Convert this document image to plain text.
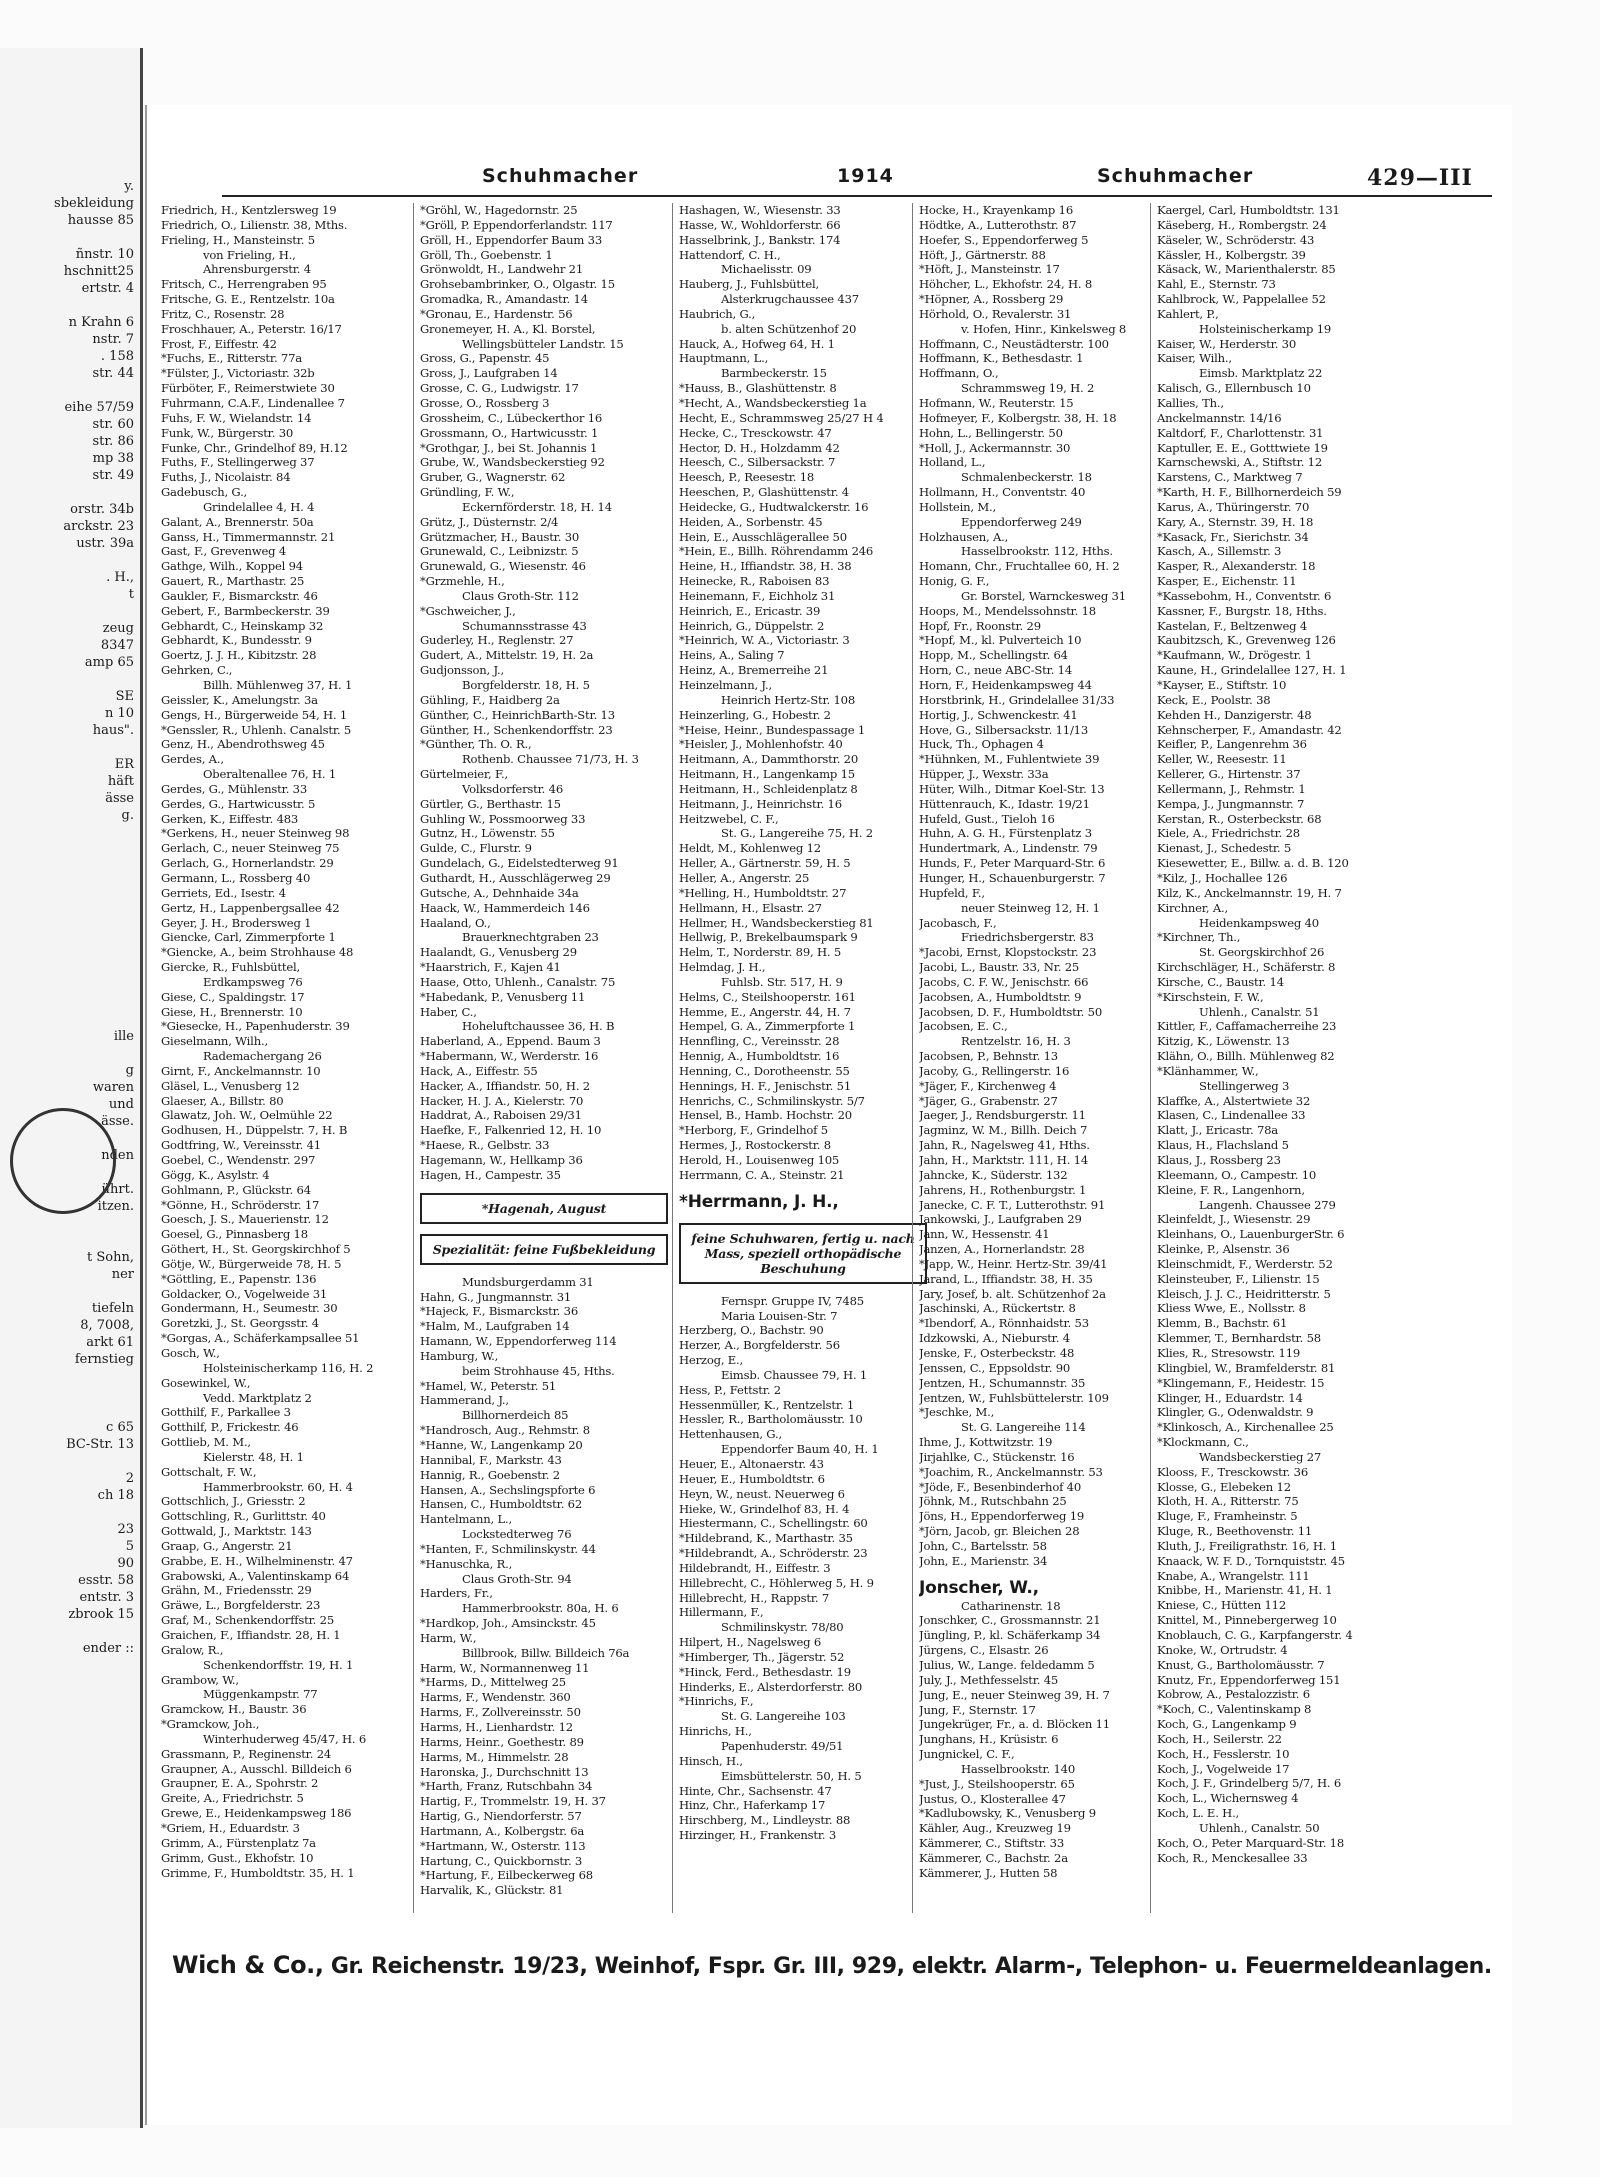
y.
sbekleidung
hausse 85

ñnstr. 10
hschnitt25
ertstr. 4

n Krahn 6
nstr. 7
. 158
str. 44

eihe 57/59
str. 60
str. 86
mp 38
str. 49

orstr. 34b
arckstr. 23
ustr. 39a

. H.,
t

zeug
8347
amp 65

SE
n 10
haus".

ER
häft
ässe
g.

ille

g
waren
und
ässe.

nden

ührt.
itzen.

t Sohn,
ner

tiefeln
8, 7008,
arkt 61
fernstieg

c 65
BC-Str. 13

2
ch 18

23
5
90
esstr. 58
entstr. 3
zbrook 15

ender ::
Schuhmacher	1914	Schuhmacher	429—III
Friedrich, H., Kentzlersweg 19
Friedrich, O., Lilienstr. 38, Mths.
Frieling, H., Mansteinstr. 5
von Frieling, H.,
Ahrensburgerstr. 4
Fritsch, C., Herrengraben 95
Fritsche, G. E., Rentzelstr. 10a
Fritz, C., Rosenstr. 28
Froschhauer, A., Peterstr. 16/17
Frost, F., Eiffestr. 42
*Fuchs, E., Ritterstr. 77a
*Fülster, J., Victoriastr. 32b
Fürböter, F., Reimerstwiete 30
Fuhrmann, C.A.F., Lindenallee 7
Fuhs, F. W., Wielandstr. 14
Funk, W., Bürgerstr. 30
Funke, Chr., Grindelhof 89, H.12
Fuths, F., Stellingerweg 37
Fuths, J., Nicolaistr. 84
Gadebusch, G.,
Grindelallee 4, H. 4
Galant, A., Brennerstr. 50a
Ganss, H., Timmermannstr. 21
Gast, F., Grevenweg 4
Gathge, Wilh., Koppel 94
Gauert, R., Marthastr. 25
Gaukler, F., Bismarckstr. 46
Gebert, F., Barmbeckerstr. 39
Gebhardt, C., Heinskamp 32
Gebhardt, K., Bundesstr. 9
Goertz, J. J. H., Kibitzstr. 28
Gehrken, C.,
Billh. Mühlenweg 37, H. 1
Geissler, K., Amelungstr. 3a
Gengs, H., Bürgerweide 54, H. 1
*Genssler, R., Uhlenh. Canalstr. 5
Genz, H., Abendrothsweg 45
Gerdes, A.,
Oberaltenallee 76, H. 1
Gerdes, G., Mühlenstr. 33
Gerdes, G., Hartwicusstr. 5
Gerken, K., Eiffestr. 483
*Gerkens, H., neuer Steinweg 98
Gerlach, C., neuer Steinweg 75
Gerlach, G., Hornerlandstr. 29
Germann, L., Rossberg 40
Gerriets, Ed., Isestr. 4
Gertz, H., Lappenbergsallee 42
Geyer, J. H., Brodersweg 1
Giencke, Carl, Zimmerpforte 1
*Giencke, A., beim Strohhause 48
Giercke, R., Fuhlsbüttel,
Erdkampsweg 76
Giese, C., Spaldingstr. 17
Giese, H., Brennerstr. 10
*Giesecke, H., Papenhuderstr. 39
Gieselmann, Wilh.,
Rademachergang 26
Girnt, F., Anckelmannstr. 10
Gläsel, L., Venusberg 12
Glaeser, A., Billstr. 80
Glawatz, Joh. W., Oelmühle 22
Godhusen, H., Düppelstr. 7, H. B
Godtfring, W., Vereinsstr. 41
Goebel, C., Wendenstr. 297
Gögg, K., Asylstr. 4
Gohlmann, P., Glückstr. 64
*Gönne, H., Schröderstr. 17
Goesch, J. S., Mauerienstr. 12
Goesel, G., Pinnasberg 18
Göthert, H., St. Georgskirchhof 5
Götje, W., Bürgerweide 78, H. 5
*Göttling, E., Papenstr. 136
Goldacker, O., Vogelweide 31
Gondermann, H., Seumestr. 30
Goretzki, J., St. Georgsstr. 4
*Gorgas, A., Schäferkampsallee 51
Gosch, W.,
Holsteinischerkamp 116, H. 2
Gosewinkel, W.,
Vedd. Marktplatz 2
Gotthilf, F., Parkallee 3
Gotthilf, P., Frickestr. 46
Gottlieb, M. M.,
Kielerstr. 48, H. 1
Gottschalt, F. W.,
Hammerbrookstr. 60, H. 4
Gottschlich, J., Griesstr. 2
Gottschling, R., Gurlittstr. 40
Gottwald, J., Marktstr. 143
Graap, G., Angerstr. 21
Grabbe, E. H., Wilhelminenstr. 47
Grabowski, A., Valentinskamp 64
Grähn, M., Friedensstr. 29
Gräwe, L., Borgfelderstr. 23
Graf, M., Schenkendorffstr. 25
Graichen, F., Iffiandstr. 28, H. 1
Gralow, R.,
Schenkendorffstr. 19, H. 1
Grambow, W.,
Müggenkampstr. 77
Gramckow, H., Baustr. 36
*Gramckow, Joh.,
Winterhuderweg 45/47, H. 6
Grassmann, P., Reginenstr. 24
Graupner, A., Ausschl. Billdeich 6
Graupner, E. A., Spohrstr. 2
Greite, A., Friedrichstr. 5
Grewe, E., Heidenkampsweg 186
*Griem, H., Eduardstr. 3
Grimm, A., Fürstenplatz 7a
Grimm, Gust., Ekhofstr. 10
Grimme, F., Humboldtstr. 35, H. 1
*Gröhl, W., Hagedornstr. 25
*Gröll, P. Eppendorferlandstr. 117
Gröll, H., Eppendorfer Baum 33
Gröll, Th., Goebenstr. 1
Grönwoldt, H., Landwehr 21
Grohsebambrinker, O., Olgastr. 15
Gromadka, R., Amandastr. 14
*Gronau, E., Hardenstr. 56
Gronemeyer, H. A., Kl. Borstel,
Wellingsbütteler Landstr. 15
Gross, G., Papenstr. 45
Gross, J., Laufgraben 14
Grosse, C. G., Ludwigstr. 17
Grosse, O., Rossberg 3
Grossheim, C., Lübeckerthor 16
Grossmann, O., Hartwicusstr. 1
*Grothgar, J., bei St. Johannis 1
Grube, W., Wandsbeckerstieg 92
Gruber, G., Wagnerstr. 62
Gründling, F. W.,
Eckernförderstr. 18, H. 14
Grütz, J., Düsternstr. 2/4
Grützmacher, H., Baustr. 30
Grunewald, C., Leibnizstr. 5
Grunewald, G., Wiesenstr. 46
*Grzmehle, H.,
Claus Groth-Str. 112
*Gschweicher, J.,
Schumannsstrasse 43
Guderley, H., Reglenstr. 27
Gudert, A., Mittelstr. 19, H. 2a
Gudjonsson, J.,
Borgfelderstr. 18, H. 5
Gühling, F., Haidberg 2a
Günther, C., HeinrichBarth-Str. 13
Günther, H., Schenkendorffstr. 23
*Günther, Th. O. R.,
Rothenb. Chaussee 71/73, H. 3
Gürtelmeier, F.,
Volksdorferstr. 46
Gürtler, G., Berthastr. 15
Guhling W., Possmoorweg 33
Gutnz, H., Löwenstr. 55
Gulde, C., Flurstr. 9
Gundelach, G., Eidelstedterweg 91
Guthardt, H., Ausschlägerweg 29
Gutsche, A., Dehnhaide 34a
Haack, W., Hammerdeich 146
Haaland, O.,
Brauerknechtgraben 23
Haalandt, G., Venusberg 29
*Haarstrich, F., Kajen 41
Haase, Otto, Uhlenh., Canalstr. 75
*Habedank, P., Venusberg 11
Haber, C.,
Hoheluftchaussee 36, H. B
Haberland, A., Eppend. Baum 3
*Habermann, W., Werderstr. 16
Hack, A., Eiffestr. 55
Hacker, A., Iffiandstr. 50, H. 2
Hacker, H. J. A., Kielerstr. 70
Haddrat, A., Raboisen 29/31
Haefke, F., Falkenried 12, H. 10
*Haese, R., Gelbstr. 33
Hagemann, W., Hellkamp 36
Hagen, H., Campestr. 35
*Hagenah, August
Spezialität: feine Fußbekleidung
Mundsburgerdamm 31
Hahn, G., Jungmannstr. 31
*Hajeck, F., Bismarckstr. 36
*Halm, M., Laufgraben 14
Hamann, W., Eppendorferweg 114
Hamburg, W.,
beim Strohhause 45, Hths.
*Hamel, W., Peterstr. 51
Hammerand, J.,
Billhornerdeich 85
*Handrosch, Aug., Rehmstr. 8
*Hanne, W., Langenkamp 20
Hannibal, F., Markstr. 43
Hannig, R., Goebenstr. 2
Hansen, A., Sechslingspforte 6
Hansen, C., Humboldtstr. 62
Hantelmann, L.,
Lockstedterweg 76
*Hanten, F., Schmilinskystr. 44
*Hanuschka, R.,
Claus Groth-Str. 94
Harders, Fr.,
Hammerbrookstr. 80a, H. 6
*Hardkop, Joh., Amsinckstr. 45
Harm, W.,
Billbrook, Billw. Billdeich 76a
Harm, W., Normannenweg 11
*Harms, D., Mittelweg 25
Harms, F., Wendenstr. 360
Harms, F., Zollvereinsstr. 50
Harms, H., Lienhardstr. 12
Harms, Heinr., Goethestr. 89
Harms, M., Himmelstr. 28
Haronska, J., Durchschnitt 13
*Harth, Franz, Rutschbahn 34
Hartig, F., Trommelstr. 19, H. 37
Hartig, G., Niendorferstr. 57
Hartmann, A., Kolbergstr. 6a
*Hartmann, W., Osterstr. 113
Hartung, C., Quickbornstr. 3
*Hartung, F., Eilbeckerweg 68
Harvalik, K., Glückstr. 81
Hashagen, W., Wiesenstr. 33
Hasse, W., Wohldorferstr. 66
Hasselbrink, J., Bankstr. 174
Hattendorf, C. H.,
Michaelisstr. 09
Hauberg, J., Fuhlsbüttel,
Alsterkrugchaussee 437
Haubrich, G.,
b. alten Schützenhof 20
Hauck, A., Hofweg 64, H. 1
Hauptmann, L.,
Barmbeckerstr. 15
*Hauss, B., Glashüttenstr. 8
*Hecht, A., Wandsbeckerstieg 1a
Hecht, E., Schrammsweg 25/27 H 4
Hecke, C., Tresckowstr. 47
Hector, D. H., Holzdamm 42
Heesch, C., Silbersackstr. 7
Heesch, P., Reesestr. 18
Heeschen, P., Glashüttenstr. 4
Heidecke, G., Hudtwalckerstr. 16
Heiden, A., Sorbenstr. 45
Hein, E., Ausschlägerallee 50
*Hein, E., Billh. Röhrendamm 246
Heine, H., Iffiandstr. 38, H. 38
Heinecke, R., Raboisen 83
Heinemann, F., Eichholz 31
Heinrich, E., Ericastr. 39
Heinrich, G., Düppelstr. 2
*Heinrich, W. A., Victoriastr. 3
Heins, A., Saling 7
Heinz, A., Bremerreihe 21
Heinzelmann, J.,
Heinrich Hertz-Str. 108
Heinzerling, G., Hobestr. 2
*Heise, Heinr., Bundespassage 1
*Heisler, J., Mohlenhofstr. 40
Heitmann, A., Dammthorstr. 20
Heitmann, H., Langenkamp 15
Heitmann, H., Schleidenplatz 8
Heitmann, J., Heinrichstr. 16
Heitzwebel, C. F.,
St. G., Langereihe 75, H. 2
Heldt, M., Kohlenweg 12
Heller, A., Gärtnerstr. 59, H. 5
Heller, A., Angerstr. 25
*Helling, H., Humboldtstr. 27
Hellmann, H., Elsastr. 27
Hellmer, H., Wandsbeckerstieg 81
Hellwig, P., Brekelbaumspark 9
Helm, T., Norderstr. 89, H. 5
Helmdag, J. H.,
Fuhlsb. Str. 517, H. 9
Helms, C., Steilshooperstr. 161
Hemme, E., Angerstr. 44, H. 7
Hempel, G. A., Zimmerpforte 1
Hennfling, C., Vereinsstr. 28
Hennig, A., Humboldtstr. 16
Henning, C., Dorotheenstr. 55
Hennings, H. F., Jenischstr. 51
Henrichs, C., Schmilinskystr. 5/7
Hensel, B., Hamb. Hochstr. 20
*Herborg, F., Grindelhof 5
Hermes, J., Rostockerstr. 8
Herold, H., Louisenweg 105
Herrmann, C. A., Steinstr. 21
*Herrmann, J. H.,
feine Schuhwaren, fertig u. nach Mass, speziell orthopädische Beschuhung
Fernspr. Gruppe IV, 7485
Maria Louisen-Str. 7
Herzberg, O., Bachstr. 90
Herzer, A., Borgfelderstr. 56
Herzog, E.,
Eimsb. Chaussee 79, H. 1
Hess, P., Fettstr. 2
Hessenmüller, K., Rentzelstr. 1
Hessler, R., Bartholomäusstr. 10
Hettenhausen, G.,
Eppendorfer Baum 40, H. 1
Heuer, E., Altonaerstr. 43
Heuer, E., Humboldtstr. 6
Heyn, W., neust. Neuerweg 6
Hieke, W., Grindelhof 83, H. 4
Hiestermann, C., Schellingstr. 60
*Hildebrand, K., Marthastr. 35
*Hildebrandt, A., Schröderstr. 23
Hildebrandt, H., Eiffestr. 3
Hillebrecht, C., Höhlerweg 5, H. 9
Hillebrecht, H., Rappstr. 7
Hillermann, F.,
Schmilinskystr. 78/80
Hilpert, H., Nagelsweg 6
*Himberger, Th., Jägerstr. 52
*Hinck, Ferd., Bethesdastr. 19
Hinderks, E., Alsterdorferstr. 80
*Hinrichs, F.,
St. G. Langereihe 103
Hinrichs, H.,
Papenhuderstr. 49/51
Hinsch, H.,
Eimsbüttelerstr. 50, H. 5
Hinte, Chr., Sachsenstr. 47
Hinz, Chr., Haferkamp 17
Hirschberg, M., Lindleystr. 88
Hirzinger, H., Frankenstr. 3
Hocke, H., Krayenkamp 16
Hödtke, A., Lutterothstr. 87
Hoefer, S., Eppendorferweg 5
Höft, J., Gärtnerstr. 88
*Höft, J., Mansteinstr. 17
Höhcher, L., Ekhofstr. 24, H. 8
*Höpner, A., Rossberg 29
Hörhold, O., Revalerstr. 31
v. Hofen, Hinr., Kinkelsweg 8
Hoffmann, C., Neustädterstr. 100
Hoffmann, K., Bethesdastr. 1
Hoffmann, O.,
Schrammsweg 19, H. 2
Hofmann, W., Reuterstr. 15
Hofmeyer, F., Kolbergstr. 38, H. 18
Hohn, L., Bellingerstr. 50
*Holl, J., Ackermannstr. 30
Holland, L.,
Schmalenbeckerstr. 18
Hollmann, H., Conventstr. 40
Hollstein, M.,
Eppendorferweg 249
Holzhausen, A.,
Hasselbrookstr. 112, Hths.
Homann, Chr., Fruchtallee 60, H. 2
Honig, G. F.,
Gr. Borstel, Warnckesweg 31
Hoops, M., Mendelssohnstr. 18
Hopf, Fr., Roonstr. 29
*Hopf, M., kl. Pulverteich 10
Hopp, M., Schellingstr. 64
Horn, C., neue ABC-Str. 14
Horn, F., Heidenkampsweg 44
Horstbrink, H., Grindelallee 31/33
Hortig, J., Schwenckestr. 41
Hove, G., Silbersackstr. 11/13
Huck, Th., Ophagen 4
*Hühnken, M., Fuhlentwiete 39
Hüpper, J., Wexstr. 33a
Hüter, Wilh., Ditmar Koel-Str. 13
Hüttenrauch, K., Idastr. 19/21
Hufeld, Gust., Tieloh 16
Huhn, A. G. H., Fürstenplatz 3
Hundertmark, A., Lindenstr. 79
Hunds, F., Peter Marquard-Str. 6
Hunger, H., Schauenburgerstr. 7
Hupfeld, F.,
neuer Steinweg 12, H. 1
Jacobasch, F.,
Friedrichsbergerstr. 83
*Jacobi, Ernst, Klopstockstr. 23
Jacobi, L., Baustr. 33, Nr. 25
Jacobs, C. F. W., Jenischstr. 66
Jacobsen, A., Humboldtstr. 9
Jacobsen, D. F., Humboldtstr. 50
Jacobsen, E. C.,
Rentzelstr. 16, H. 3
Jacobsen, P., Behnstr. 13
Jacoby, G., Rellingerstr. 16
*Jäger, F., Kirchenweg 4
*Jäger, G., Grabenstr. 27
Jaeger, J., Rendsburgerstr. 11
Jagminz, W. M., Billh. Deich 7
Jahn, R., Nagelsweg 41, Hths.
Jahn, H., Marktstr. 111, H. 14
Jahncke, K., Süderstr. 132
Jahrens, H., Rothenburgstr. 1
Janecke, C. F. T., Lutterothstr. 91
Jankowski, J., Laufgraben 29
Jann, W., Hessenstr. 41
Janzen, A., Hornerlandstr. 28
*Japp, W., Heinr. Hertz-Str. 39/41
Jarand, L., Iffiandstr. 38, H. 35
Jary, Josef, b. alt. Schützenhof 2a
Jaschinski, A., Rückertstr. 8
*Ibendorf, A., Rönnhaidstr. 53
Idzkowski, A., Nieburstr. 4
Jenske, F., Osterbeckstr. 48
Jenssen, C., Eppsoldstr. 90
Jentzen, H., Schumannstr. 35
Jentzen, W., Fuhlsbüttelerstr. 109
*Jeschke, M.,
St. G. Langereihe 114
Ihme, J., Kottwitzstr. 19
Jirjahlke, C., Stückenstr. 16
*Joachim, R., Anckelmannstr. 53
*Jöde, F., Besenbinderhof 40
Jöhnk, M., Rutschbahn 25
Jöns, H., Eppendorferweg 19
*Jörn, Jacob, gr. Bleichen 28
John, C., Bartelsstr. 58
John, E., Marienstr. 34
Jonscher, W.,
Catharinenstr. 18
Jonschker, C., Grossmannstr. 21
Jüngling, P., kl. Schäferkamp 34
Jürgens, C., Elsastr. 26
Julius, W., Lange. feldedamm 5
July, J., Methfesselstr. 45
Jung, E., neuer Steinweg 39, H. 7
Jung, F., Sternstr. 17
Jungekrüger, Fr., a. d. Blöcken 11
Junghans, H., Krüsistr. 6
Jungnickel, C. F.,
Hasselbrookstr. 140
*Just, J., Steilshooperstr. 65
Justus, O., Klosterallee 47
*Kadlubowsky, K., Venusberg 9
Kähler, Aug., Kreuzweg 19
Kämmerer, C., Stiftstr. 33
Kämmerer, C., Bachstr. 2a
Kämmerer, J., Hutten 58
Kaergel, Carl, Humboldtstr. 131
Käseberg, H., Rombergstr. 24
Käseler, W., Schröderstr. 43
Kässler, H., Kolbergstr. 39
Käsack, W., Marienthalerstr. 85
Kahl, E., Sternstr. 73
Kahlbrock, W., Pappelallee 52
Kahlert, P.,
Holsteinischerkamp 19
Kaiser, W., Herderstr. 30
Kaiser, Wilh.,
Eimsb. Marktplatz 22
Kalisch, G., Ellernbusch 10
Kallies, Th.,
Anckelmannstr. 14/16
Kaltdorf, F., Charlottenstr. 31
Kaptuller, E. E., Gotttwiete 19
Karnschewski, A., Stiftstr. 12
Karstens, C., Marktweg 7
*Karth, H. F., Billhornerdeich 59
Karus, A., Thüringerstr. 70
Kary, A., Sternstr. 39, H. 18
*Kasack, Fr., Sierichstr. 34
Kasch, A., Sillemstr. 3
Kasper, R., Alexanderstr. 18
Kasper, E., Eichenstr. 11
*Kassebohm, H., Conventstr. 6
Kassner, F., Burgstr. 18, Hths.
Kastelan, F., Beltzenweg 4
Kaubitzsch, K., Grevenweg 126
*Kaufmann, W., Drögestr. 1
Kaune, H., Grindelallee 127, H. 1
*Kayser, E., Stiftstr. 10
Keck, E., Poolstr. 38
Kehden H., Danzigerstr. 48
Kehnscherper, F., Amandastr. 42
Keifler, P., Langenrehm 36
Keller, W., Reesestr. 11
Kellerer, G., Hirtenstr. 37
Kellermann, J., Rehmstr. 1
Kempa, J., Jungmannstr. 7
Kerstan, R., Osterbeckstr. 68
Kiele, A., Friedrichstr. 28
Kienast, J., Schedestr. 5
Kiesewetter, E., Billw. a. d. B. 120
*Kilz, J., Hochallee 126
Kilz, K., Anckelmannstr. 19, H. 7
Kirchner, A.,
Heidenkampsweg 40
*Kirchner, Th.,
St. Georgskirchhof 26
Kirchschläger, H., Schäferstr. 8
Kirsche, C., Baustr. 14
*Kirschstein, F. W.,
Uhlenh., Canalstr. 51
Kittler, F., Caffamacherreihe 23
Kitzig, K., Löwenstr. 13
Klähn, O., Billh. Mühlenweg 82
*Klänhammer, W.,
Stellingerweg 3
Klaffke, A., Alstertwiete 32
Klasen, C., Lindenallee 33
Klatt, J., Ericastr. 78a
Klaus, H., Flachsland 5
Klaus, J., Rossberg 23
Kleemann, O., Campestr. 10
Kleine, F. R., Langenhorn,
Langenh. Chaussee 279
Kleinfeldt, J., Wiesenstr. 29
Kleinhans, O., LauenburgerStr. 6
Kleinke, P., Alsenstr. 36
Kleinschmidt, F., Werderstr. 52
Kleinsteuber, F., Lilienstr. 15
Kleisch, J. J. C., Heidritterstr. 5
Kliess Wwe, E., Nollsstr. 8
Klemm, B., Bachstr. 61
Klemmer, T., Bernhardstr. 58
Klies, R., Stresowstr. 119
Klingbiel, W., Bramfelderstr. 81
*Klingemann, F., Heidestr. 15
Klinger, H., Eduardstr. 14
Klingler, G., Odenwaldstr. 9
*Klinkosch, A., Kirchenallee 25
*Klockmann, C.,
Wandsbeckerstieg 27
Klooss, F., Tresckowstr. 36
Klosse, G., Elebeken 12
Kloth, H. A., Ritterstr. 75
Kluge, F., Framheinstr. 5
Kluge, R., Beethovenstr. 11
Kluth, J., Freiligrathstr. 16, H. 1
Knaack, W. F. D., Tornquiststr. 45
Knabe, A., Wrangelstr. 111
Knibbe, H., Marienstr. 41, H. 1
Kniese, C., Hütten 112
Knittel, M., Pinnebergerweg 10
Knoblauch, C. G., Karpfangerstr. 4
Knoke, W., Ortrudstr. 4
Knust, G., Bartholomäusstr. 7
Knutz, Fr., Eppendorferweg 151
Kobrow, A., Pestalozzistr. 6
*Koch, C., Valentinskamp 8
Koch, G., Langenkamp 9
Koch, H., Seilerstr. 22
Koch, H., Fesslerstr. 10
Koch, J., Vogelweide 17
Koch, J. F., Grindelberg 5/7, H. 6
Koch, L., Wichernsweg 4
Koch, L. E. H.,
Uhlenh., Canalstr. 50
Koch, O., Peter Marquard-Str. 18
Koch, R., Menckesallee 33
Wich & Co., Gr. Reichenstr. 19/23, Weinhof, Fspr. Gr. III, 929, elektr. Alarm-, Telephon- u. Feuermeldeanlagen.
